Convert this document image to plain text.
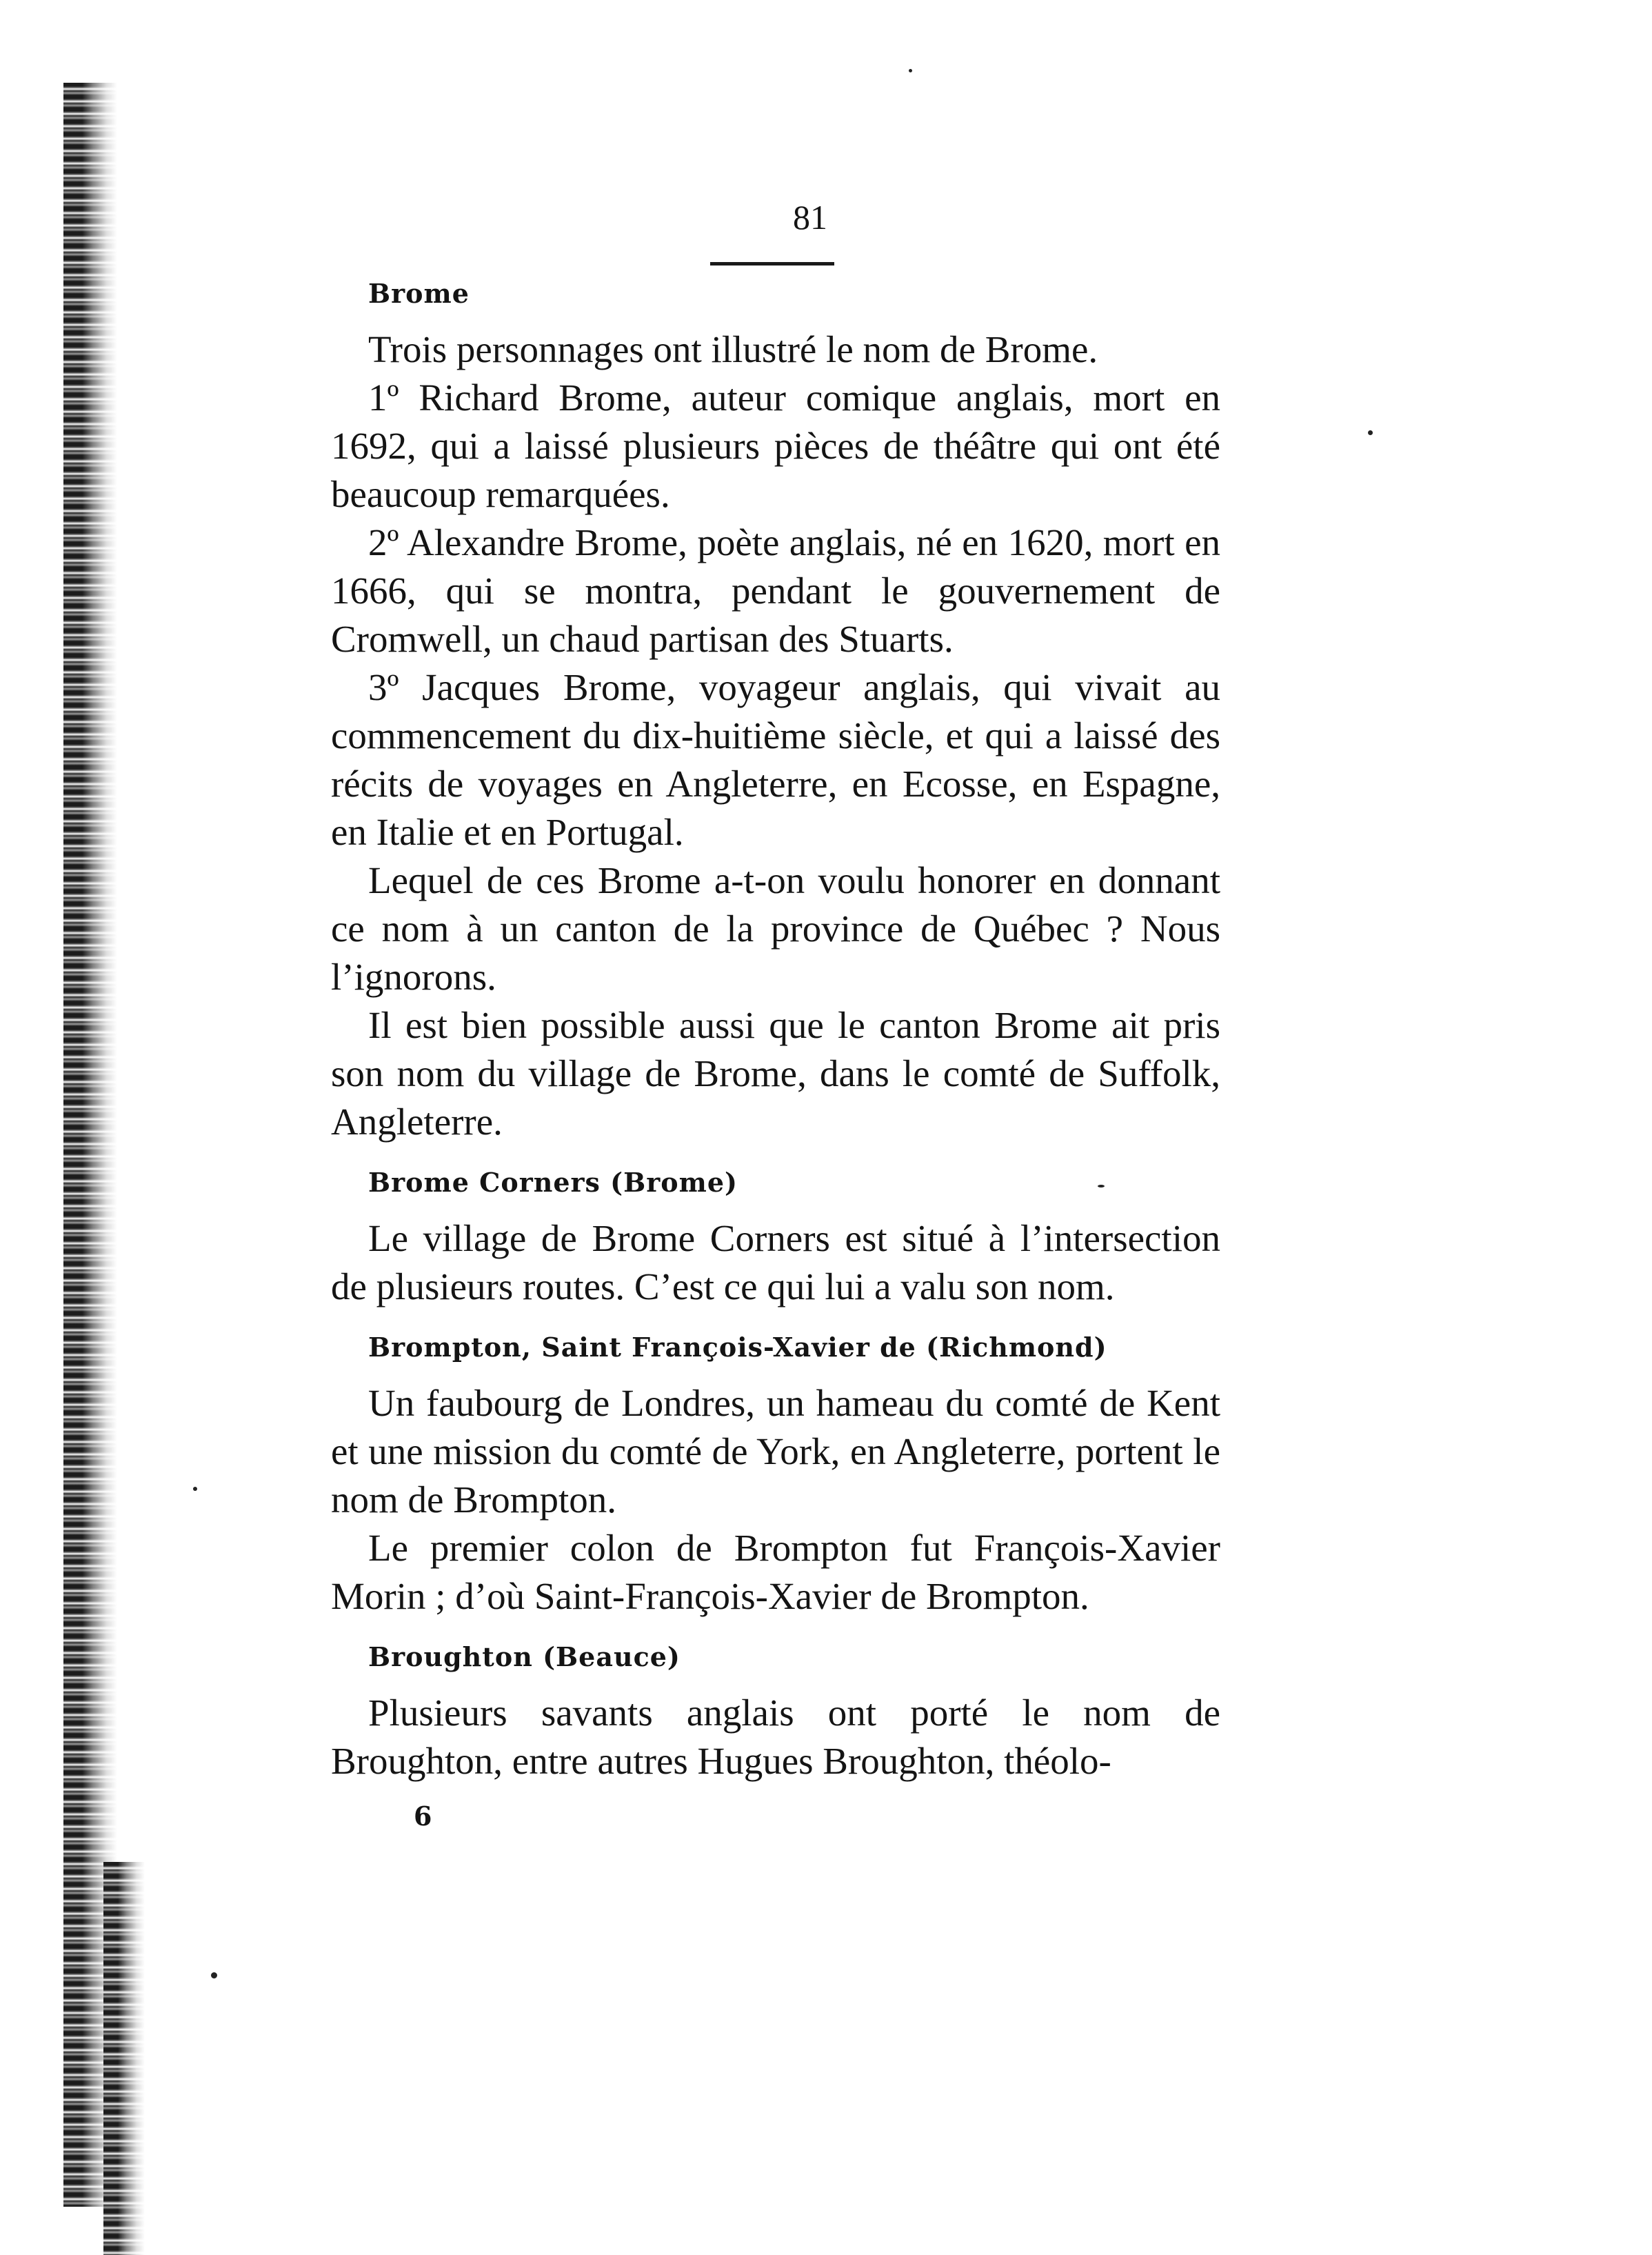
81
Brome

Trois personnages ont illustré le nom de Brome.

1º Richard Brome, auteur comique anglais, mort en 1692, qui a laissé plusieurs pièces de théâtre qui ont été beaucoup remarquées.

2º Alexandre Brome, poète anglais, né en 1620, mort en 1666, qui se montra, pendant le gouvernement de Cromwell, un chaud partisan des Stuarts.

3º Jacques Brome, voyageur anglais, qui vivait au commencement du dix-huitième siècle, et qui a laissé des récits de voyages en Angleterre, en Ecosse, en Espagne, en Italie et en Portugal.

Lequel de ces Brome a-t-on voulu honorer en donnant ce nom à un canton de la province de Québec ? Nous l’ignorons.

Il est bien possible aussi que le canton Brome ait pris son nom du village de Brome, dans le comté de Suffolk, Angleterre.

Brome Corners (Brome)

Le village de Brome Corners est situé à l’intersection de plusieurs routes. C’est ce qui lui a valu son nom.

Brompton, Saint François-Xavier de (Richmond)

Un faubourg de Londres, un hameau du comté de Kent et une mission du comté de York, en Angleterre, portent le nom de Brompton.

Le premier colon de Brompton fut François-Xavier Morin ; d’où Saint-François-Xavier de Brompton.

Broughton (Beauce)

Plusieurs savants anglais ont porté le nom de Broughton, entre autres Hugues Broughton, théolo-

6
